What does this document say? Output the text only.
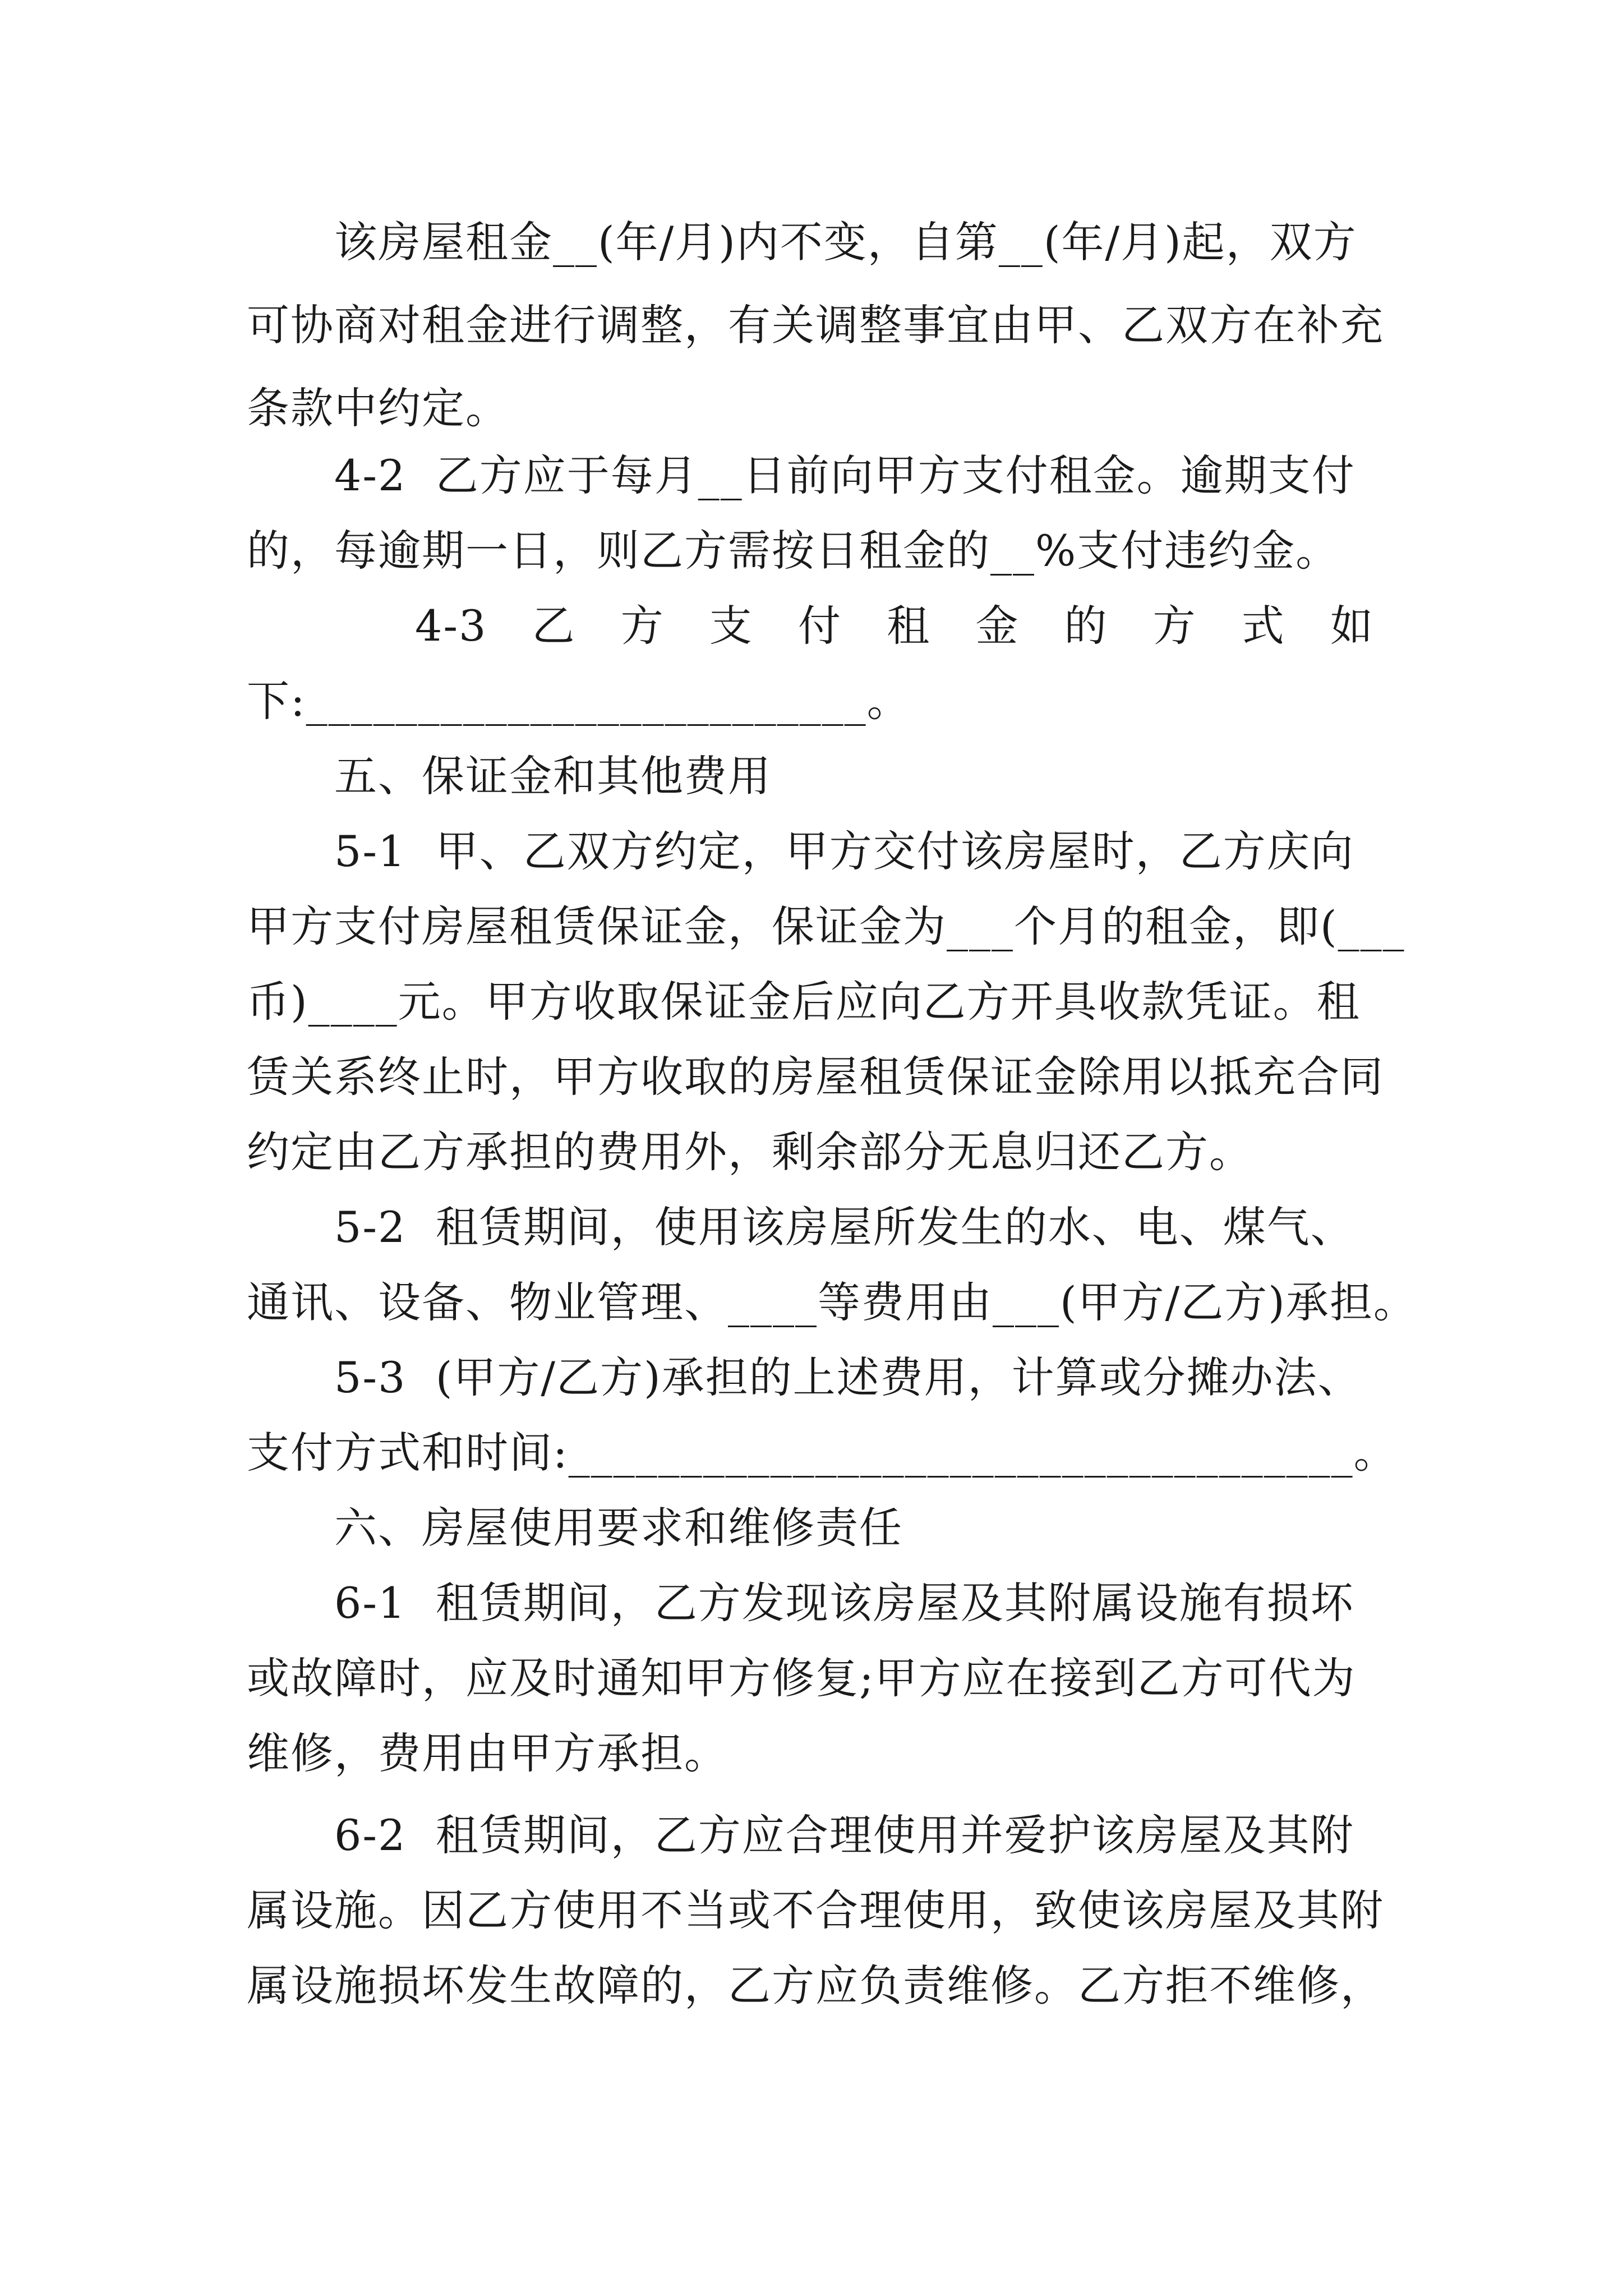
该房屋租金__(年/月)内不变，自第__(年/月)起，双方
可协商对租金进行调整，有关调整事宜由甲、乙双方在补充
条款中约定。
4-2  乙方应于每月__日前向甲方支付租金。逾期支付
的，每逾期一日，则乙方需按日租金的__%支付违约金。
4-3 乙 方 支 付 租 金 的 方 式 如
下:_________________________。
五、保证金和其他费用
5-1  甲、乙双方约定，甲方交付该房屋时，乙方庆向
甲方支付房屋租赁保证金，保证金为___个月的租金，即(___
币)____元。甲方收取保证金后应向乙方开具收款凭证。租
赁关系终止时，甲方收取的房屋租赁保证金除用以抵充合同
约定由乙方承担的费用外，剩余部分无息归还乙方。
5-2  租赁期间，使用该房屋所发生的水、电、煤气、
通讯、设备、物业管理、____等费用由___(甲方/乙方)承担。
5-3  (甲方/乙方)承担的上述费用，计算或分摊办法、
支付方式和时间:___________________________________。
六、房屋使用要求和维修责任
6-1  租赁期间，乙方发现该房屋及其附属设施有损坏
或故障时，应及时通知甲方修复;甲方应在接到乙方可代为
维修，费用由甲方承担。
6-2  租赁期间，乙方应合理使用并爱护该房屋及其附
属设施。因乙方使用不当或不合理使用，致使该房屋及其附
属设施损坏发生故障的，乙方应负责维修。乙方拒不维修，
